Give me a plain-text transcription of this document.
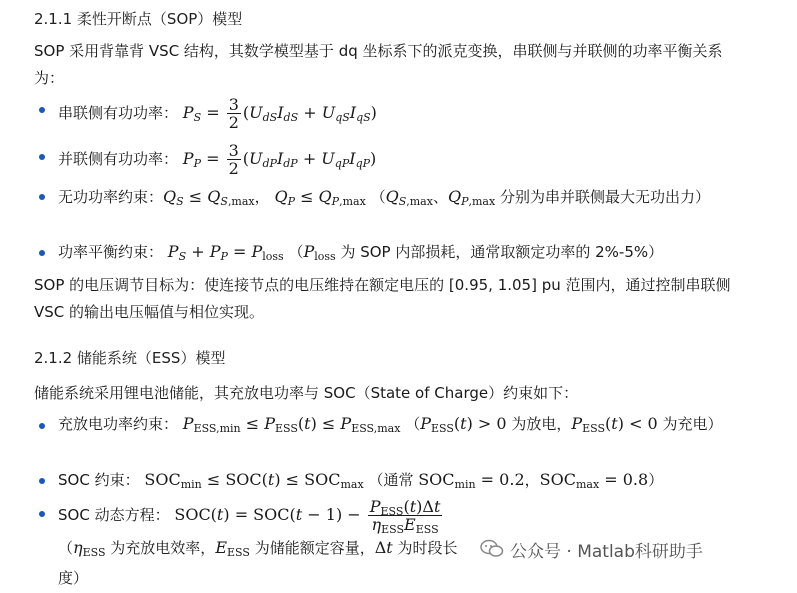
2.1.1 柔性开断点（SOP）模型

SOP 采用背靠背 VSC 结构，其数学模型基于 dq 坐标系下的派克变换，串联侧与并联侧的功率平衡关系为：

串联侧有功功率： $P_S = \frac{3}{2} (U_{dS}I_{dS} + U_{qS}I_{qS})$
并联侧有功功率： $P_P = \frac{3}{2} (U_{dP}I_{dP} + U_{qP}I_{qP})$
无功功率约束：$Q_S \le Q_{S,max}$， $Q_P \le Q_{P,max}$ （$Q_{S,max}$、$Q_{P,max}$ 分别为串并联侧最大无功出力）
功率平衡约束： $P_S + P_P = P_{loss}$ （$P_{loss}$ 为 SOP 内部损耗，通常取额定功率的 2%-5%）

SOP 的电压调节目标为：使连接节点的电压维持在额定电压的 [0.95, 1.05] pu 范围内，通过控制串联侧 VSC 的输出电压幅值与相位实现。

2.1.2 储能系统（ESS）模型

储能系统采用锂电池储能，其充放电功率与 SOC（State of Charge）约束如下：

充放电功率约束： $P_{ESS,min} \le P_{ESS}(t) \le P_{ESS,max}$ （$P_{ESS}(t) > 0$ 为放电，$P_{ESS}(t) < 0$ 为充电）
SOC 约束： $SOC_{min} \le SOC(t) \le SOC_{max}$ （通常 $SOC_{min} = 0.2$，$SOC_{max} = 0.8$）
SOC 动态方程： $SOC(t) = SOC(t - 1) - \frac{P_{ESS}(t)\Delta t}{\eta_{ESS}E_{ESS}}$
（$\eta_{ESS}$ 为充放电效率，$E_{ESS}$ 为储能额定容量，Δt 为时段长度）
公众号 · Matlab科研助手
